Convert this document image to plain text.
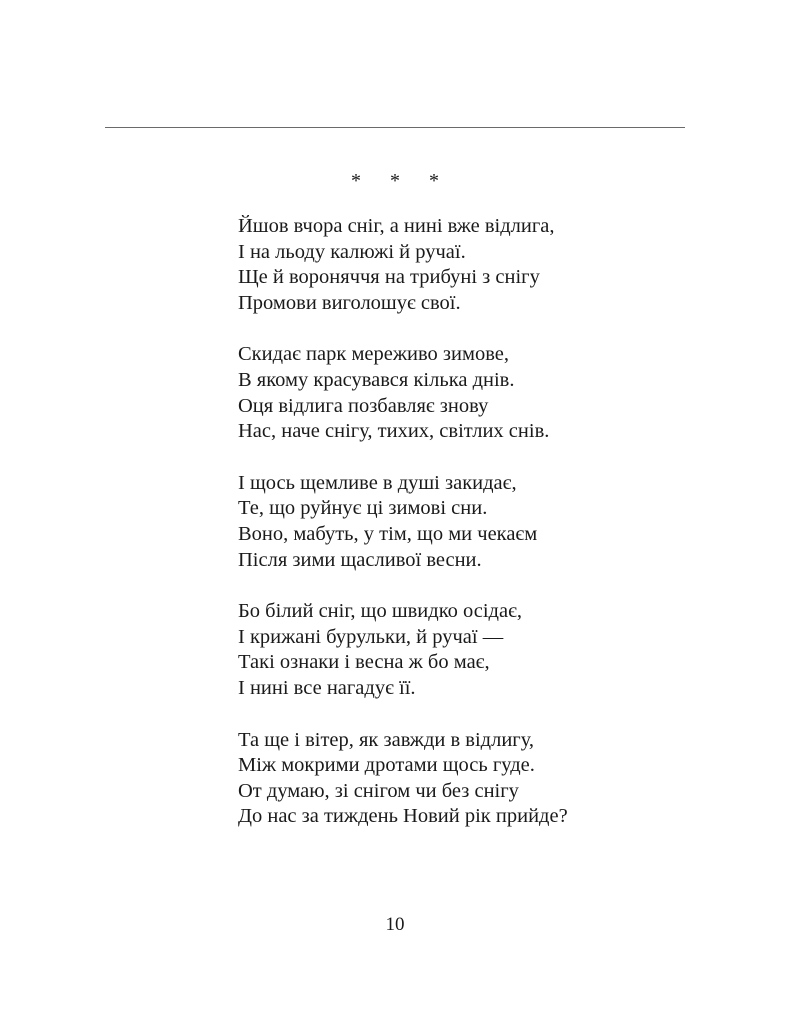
* * *
Йшов вчора сніг, а нині вже відлига,
І на льоду калюжі й ручаї.
Ще й вороняччя на трибуні з снігу
Промови виголошує свої.
Скидає парк мереживо зимове,
В якому красувався кілька днів.
Оця відлига позбавляє знову
Нас, наче снігу, тихих, світлих снів.
І щось щемливе в душі закидає,
Те, що руйнує ці зимові сни.
Воно, мабуть, у тім, що ми чекаєм
Після зими щасливої весни.
Бо білий сніг, що швидко осідає,
І крижані бурульки, й ручаї —
Такі ознаки і весна ж бо має,
І нині все нагадує її.
Та ще і вітер, як завжди в відлигу,
Між мокрими дротами щось гуде.
От думаю, зі снігом чи без снігу
До нас за тиждень Новий рік прийде?
10
